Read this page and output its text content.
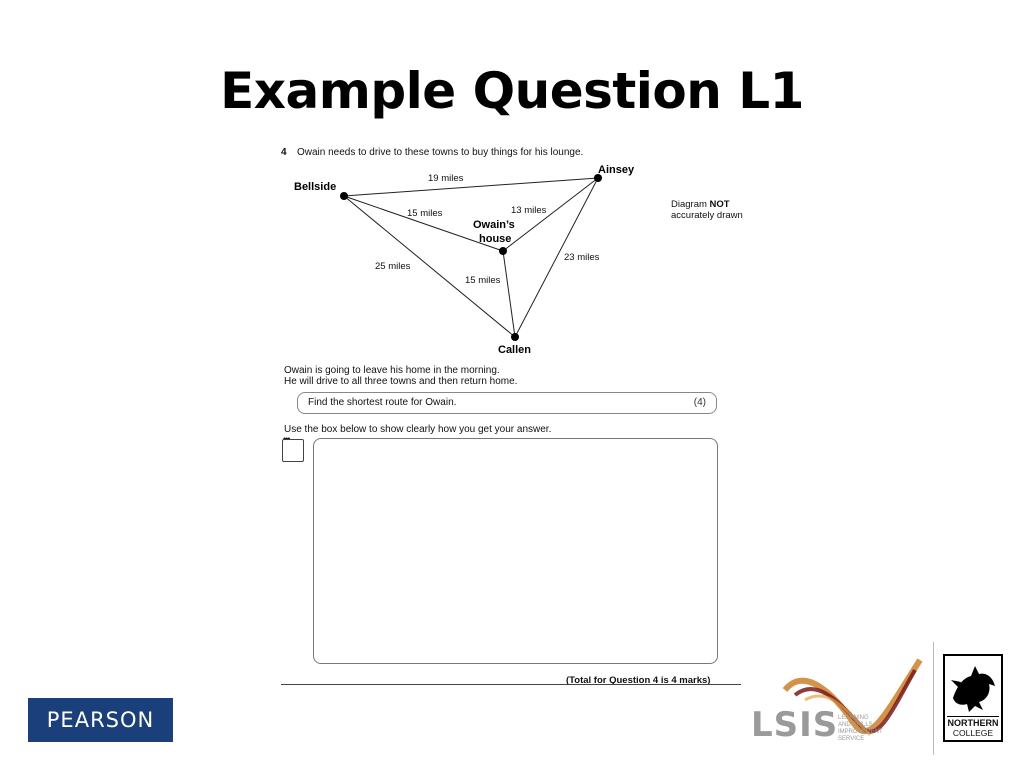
Example Question L1
4 Owain needs to drive to these towns to buy things for his lounge.
Bellside
Ainsey
Owain’s
house
Callen
19 miles
15 miles	13 miles
25 miles
15 miles
23 miles
Diagram NOT
accurately drawn
Owain is going to leave his home in the morning.
He will drive to all three towns and then return home.
Find the shortest route for Owain.	(4)
Use the box below to show clearly how you get your answer.
•••
(Total for Question 4 is 4 marks)
PEARSON	LSIS LEARNING
AND SKILLS
IMPROVEMENT
SERVICE
NORTHERN
COLLEGE
